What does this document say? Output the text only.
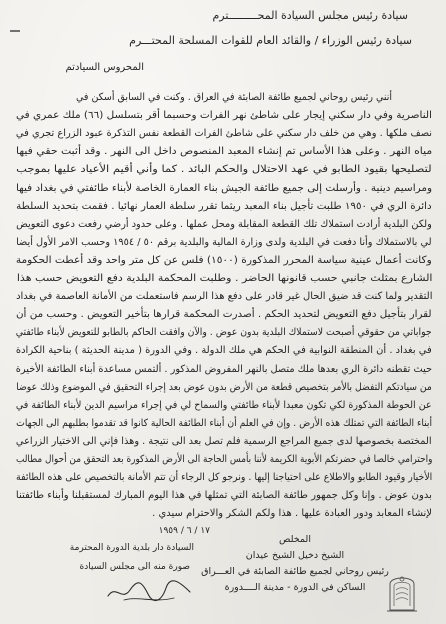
سيادة رئيس مجلس السيادة المحـــــــــترم
سيادة رئيس الوزراء / والقائد العام للقوات المسلحة المحتـــرم
المحروس السيادتم
أنني رئيس روحاني لجميع طائفة الصابئة في العراق . وكنت في السابق أسكن في
الناصرية وفي دار سكني إيجار على شاطئ نهر الفرات وحسبما أقر بتسلسل (٦٦) ملك عمري في
نصف ملكها . وهي من خلف دار سكني على شاطئ الفرات القطعة نفس التذكرة عبود الزراع تجري في
مياه النهر . وعلى هذا الأساس تم إنشاء المعبد المنصوص داخل الى النهر . وقد أثبت حقي فيها
لتصليحها بقيود الطابو في عهد الاحتلال والحكم البائد . كما وأني أقيم الأعياد عليها بموجب
ومراسيم دينية . وأرسلت إلى جميع طائفة الجيش بناء العمارة الخاصة لأبناء طائفتي في بغداد فيها
دائرة الري في ١٩٥٠ طلبت تأجيل بناء المعبد ريثما تقرر سلطة العمار نهائيا . فقمت بتحديد السلطة
ولكن البلدية أرادت استملاك تلك القطعة المقابلة ومحل عملها . وعلى حدود أرضي رفعت دعوى التعويض
لي بالاستملاك وأنا دفعت في البلدية ولدى وزارة المالية والبلدية برقم ٥٠ / ١٩٥٤ وحسب الامر الأول أيضا
وكانت أعمال عينية سياسة المحرر المذكورة (١٥٠٠) فلس عن كل متر واحد وقد أعطت الحكومة
الشارع بمثلث جانبي حسب قانونها الحاضر . وطلبت المحكمة البلدية دفع التعويض حسب هذا
التقدير ولما كنت قد ضيق الحال غير قادر على دفع هذا الرسم فاستعملت من الأمانة العاصمة في بغداد
لقرار بتأجيل دفع التعويض لتحديد الحكم . أصدرت المحكمة قرارها بتأخير التعويض . وحسب من أن
جواباتي من حقوقي أصبحت لاستملاك البلدية بدون عوض . والآن وافقت الحاكم بالطابو للتعويض لأبناء طائفتي
في بغداد . أن المنطقة النوابية في الحكم هي ملك الدولة . وفي الدورة ( مدينة الحديثة ) بناحية الكرادة
حيث تقطنه دائرة الري بعدها ملك متصل بالنهر المفروض المذكور . ألتمس مساعدة أبناء الطائفة الأخيرة
من سيادتكم التفضل بالأمر بتخصيص قطعة من الأرض بدون عوض بعد إجراء التحقيق في الموضوع وذلك عوضا
عن الحوطة المذكورة لكي تكون معبدا لأبناء طائفتي والسماح لي في إجراء مراسيم الدين لأبناء الطائفة في
أبناء الطائفة التي تمتلك هذه الأرض . وإن في العلم أن أبناء الطائفة الحالية كانوا قد تقدموا بطلبهم الى الجهات
المختصة بخصوصها لدى جميع المراجع الرسمية فلم تصل بعد الى نتيجة . وهذا فإني الى الاختيار الزراعي
واحترامي خالصا في حضرتكم الأبوية الكريمة لأننا بأمس الحاجة الى الأرض المذكورة بعد التحقق من أحوال مطالب
الأخيار وقيود الطابو والاطلاع على احتياجنا إليها . ونرجو كل الرجاء أن تتم الأمانة بالتخصيص على هذه الطائفة
بدون عوض . وإنا وكل جمهور طائفة الصابئة التي تمثلها في هذا اليوم المبارك لمستقبلنا وأبناء طائفتنا
لإنشاء المعابد ودور العبادة عليها . هذا ولكم الشكر والاحترام سيدي .
المخلص
الشيخ دخيل الشيخ عيدان
رئيس روحاني لجميع طائفة الصابئة في العـــراق
الساكن في الدورة - مدينة الــــدورة
١٧ / ٦ / ١٩٥٩
السيادة دار بلدية الدورة المحترمة
صورة منه الى مجلس السيادة
